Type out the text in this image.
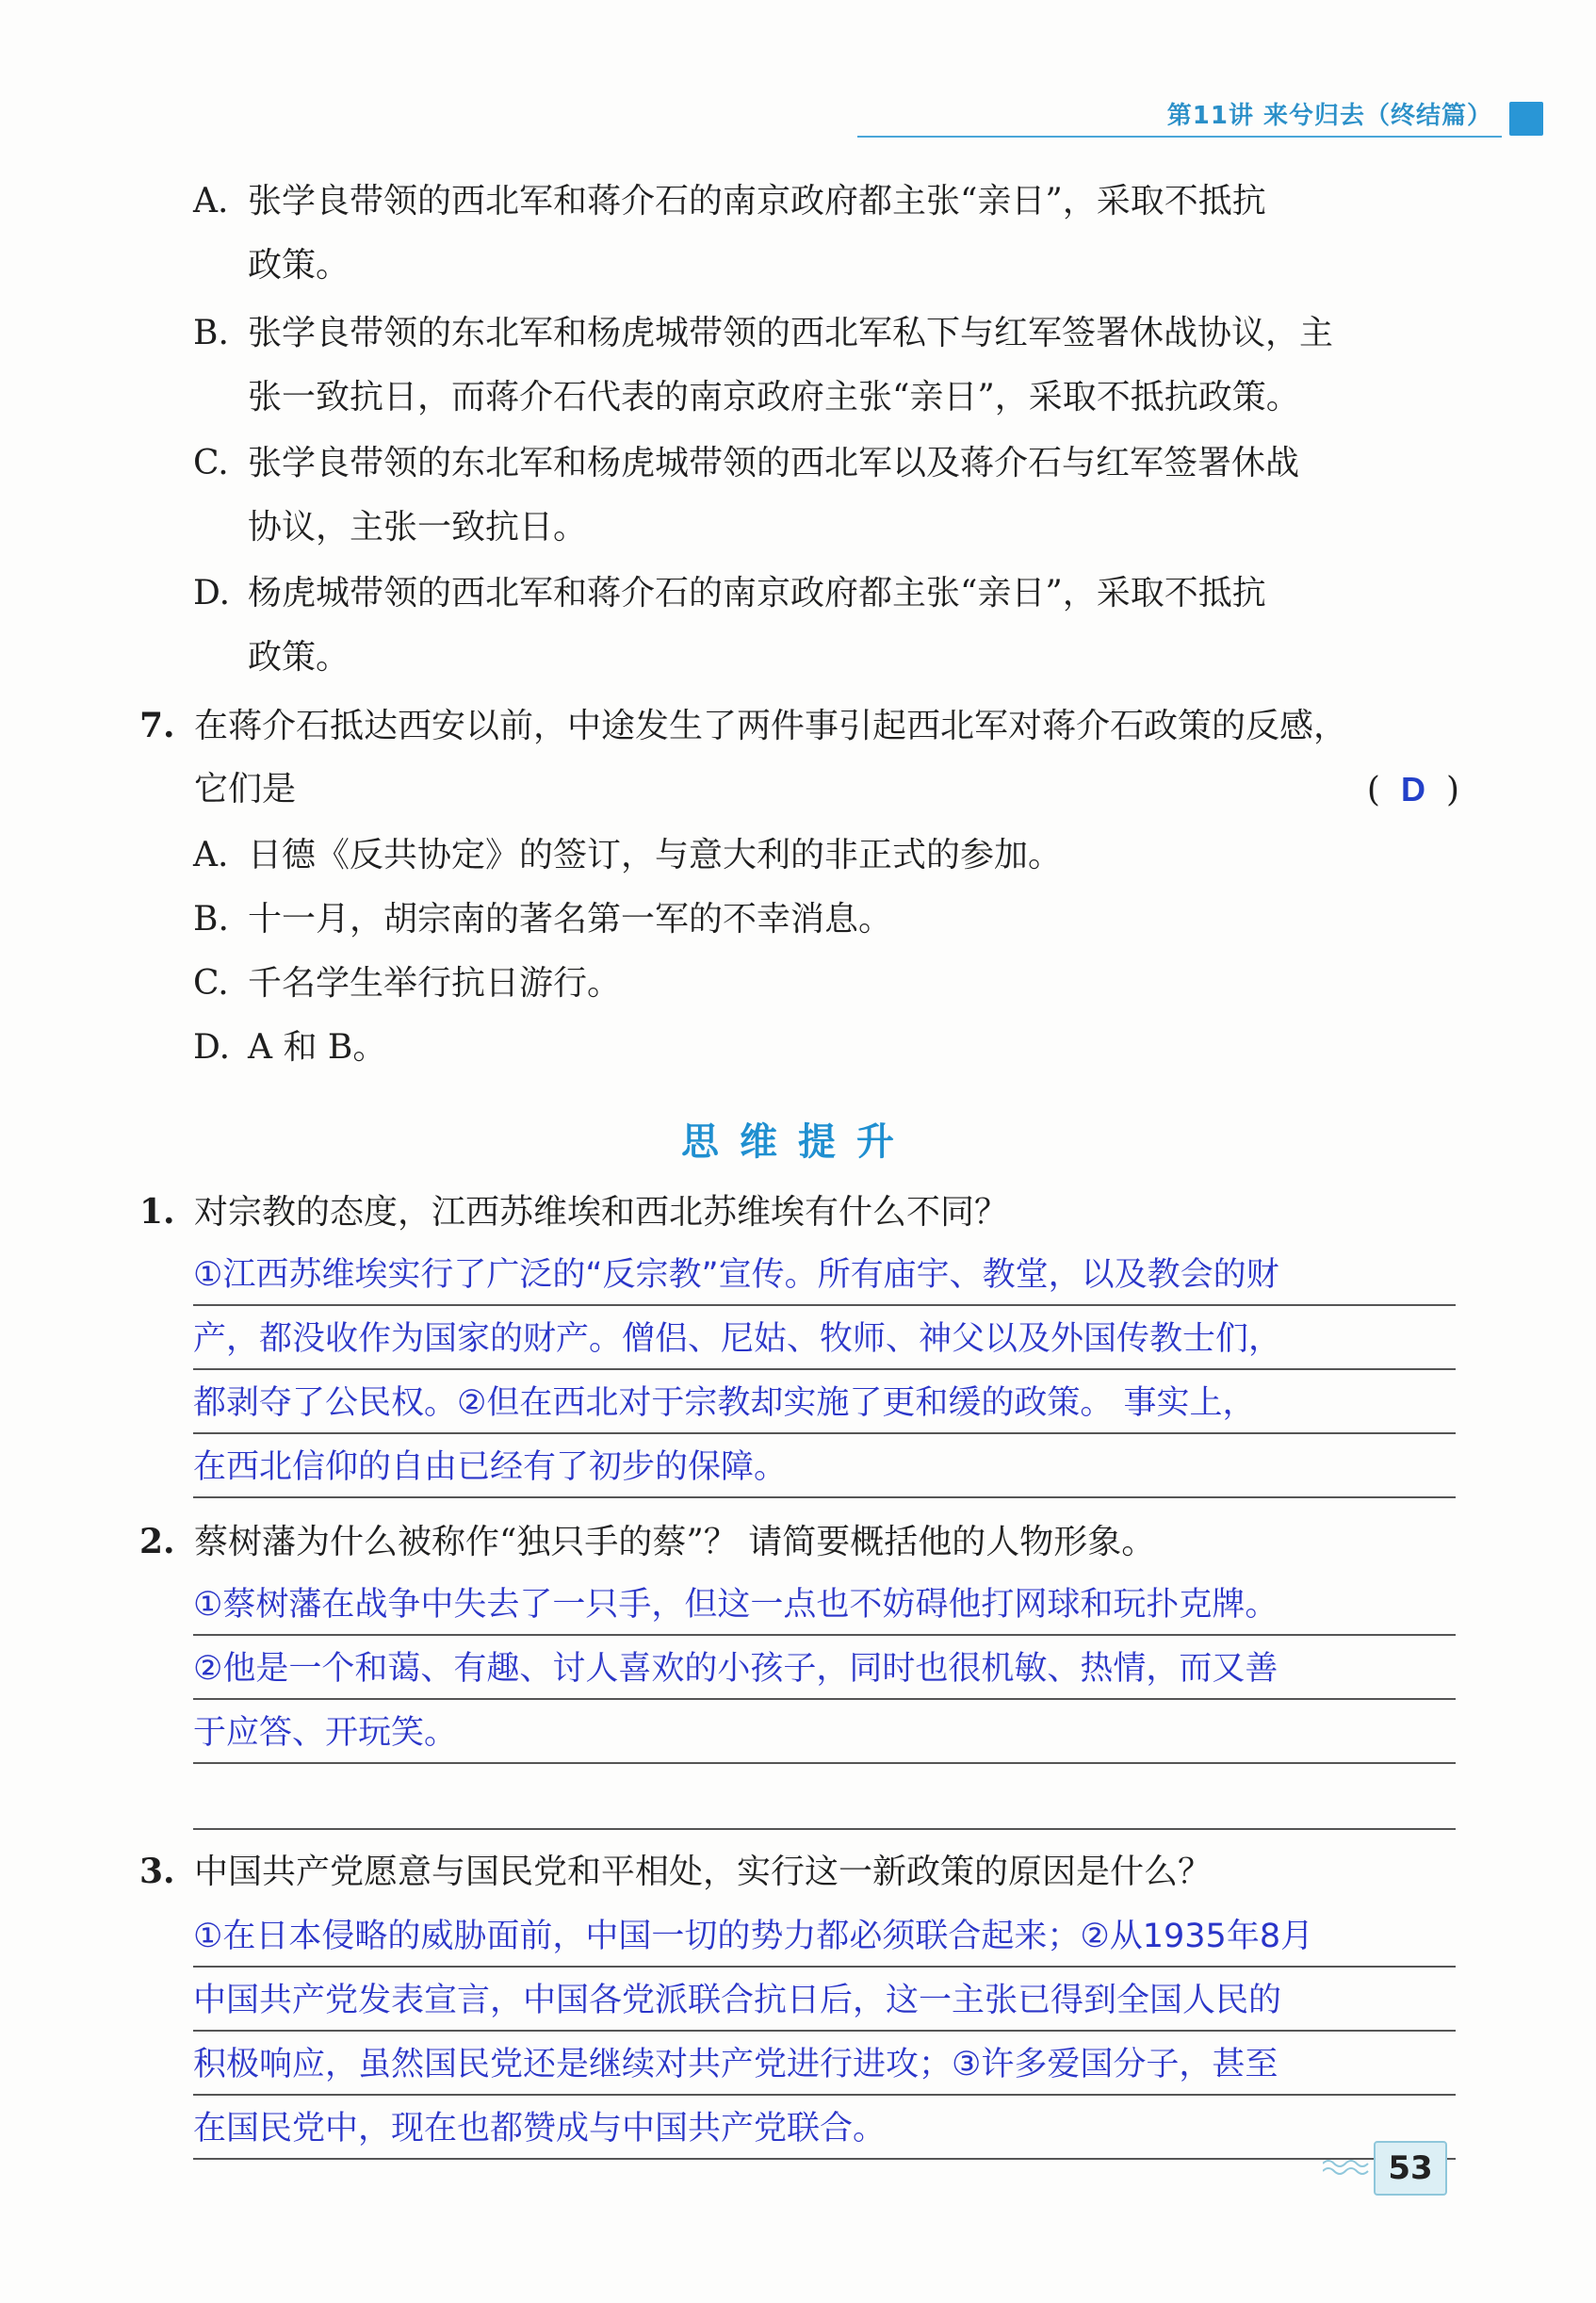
第11讲 来兮归去（终结篇）
A. 张学良带领的西北军和蒋介石的南京政府都主张“亲日”，采取不抵抗
政策。
B. 张学良带领的东北军和杨虎城带领的西北军私下与红军签署休战协议，主
张一致抗日，而蒋介石代表的南京政府主张“亲日”，采取不抵抗政策。
C. 张学良带领的东北军和杨虎城带领的西北军以及蒋介石与红军签署休战
协议，主张一致抗日。
D. 杨虎城带领的西北军和蒋介石的南京政府都主张“亲日”，采取不抵抗
政策。
7. 在蒋介石抵达西安以前，中途发生了两件事引起西北军对蒋介石政策的反感，
它们是	( D )
A. 日德《反共协定》的签订，与意大利的非正式的参加。
B. 十一月，胡宗南的著名第一军的不幸消息。
C. 千名学生举行抗日游行。
D. A 和 B。
思维提升
1. 对宗教的态度，江西苏维埃和西北苏维埃有什么不同？
①江西苏维埃实行了广泛的“反宗教”宣传。所有庙宇、教堂，以及教会的财
产，都没收作为国家的财产。僧侣、尼姑、牧师、神父以及外国传教士们，
都剥夺了公民权。②但在西北对于宗教却实施了更和缓的政策。 事实上，
在西北信仰的自由已经有了初步的保障。
2. 蔡树藩为什么被称作“独只手的蔡”？ 请简要概括他的人物形象。
①蔡树藩在战争中失去了一只手，但这一点也不妨碍他打网球和玩扑克牌。
②他是一个和蔼、有趣、讨人喜欢的小孩子，同时也很机敏、热情，而又善
于应答、开玩笑。
3. 中国共产党愿意与国民党和平相处，实行这一新政策的原因是什么？
①在日本侵略的威胁面前，中国一切的势力都必须联合起来；②从1935年8月
中国共产党发表宣言，中国各党派联合抗日后，这一主张已得到全国人民的
积极响应，虽然国民党还是继续对共产党进行进攻；③许多爱国分子，甚至
在国民党中，现在也都赞成与中国共产党联合。
53
